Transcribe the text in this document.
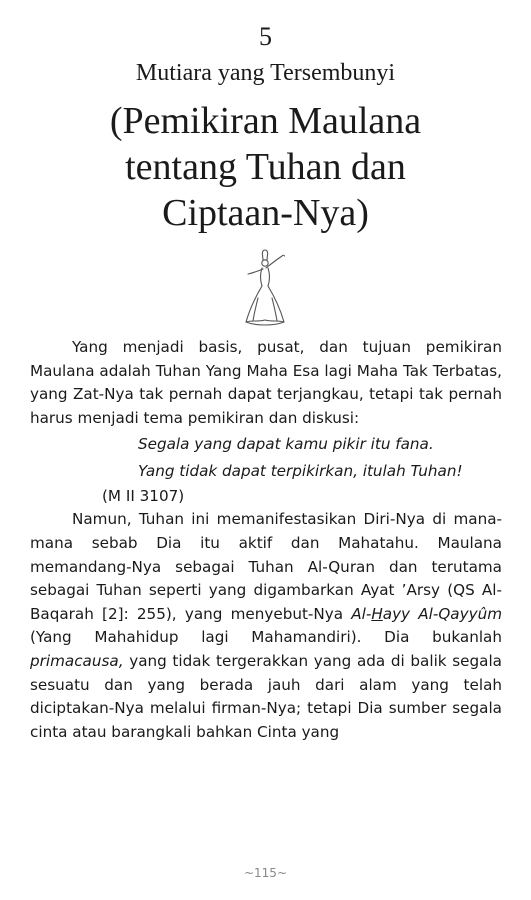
5
Mutiara yang Tersembunyi
(Pemikiran Maulana tentang Tuhan dan Ciptaan-Nya)

Yang menjadi basis, pusat, dan tujuan pemikiran Maulana adalah Tuhan Yang Maha Esa lagi Maha Tak Terbatas, yang Zat-Nya tak pernah dapat terjangkau, tetapi tak pernah harus menjadi tema pemikiran dan diskusi:

Segala yang dapat kamu pikir itu fana.
Yang tidak dapat terpikirkan, itulah Tuhan!
(M II 3107)

Namun, Tuhan ini memanifestasikan Diri-Nya di mana-mana sebab Dia itu aktif dan Mahatahu. Maulana memandang-Nya sebagai Tuhan Al-Quran dan terutama sebagai Tuhan seperti yang digambarkan Ayat ’Arsy (QS Al-Baqarah [2]: 255), yang menyebut-Nya Al-Hayy Al-Qayyûm (Yang Mahahidup lagi Mahamandiri). Dia bukanlah primacausa, yang tidak tergerakkan yang ada di balik segala sesuatu dan yang berada jauh dari alam yang telah diciptakan-Nya melalui firman-Nya; tetapi Dia sumber segala cinta atau barangkali bahkan Cinta yang

~115~
